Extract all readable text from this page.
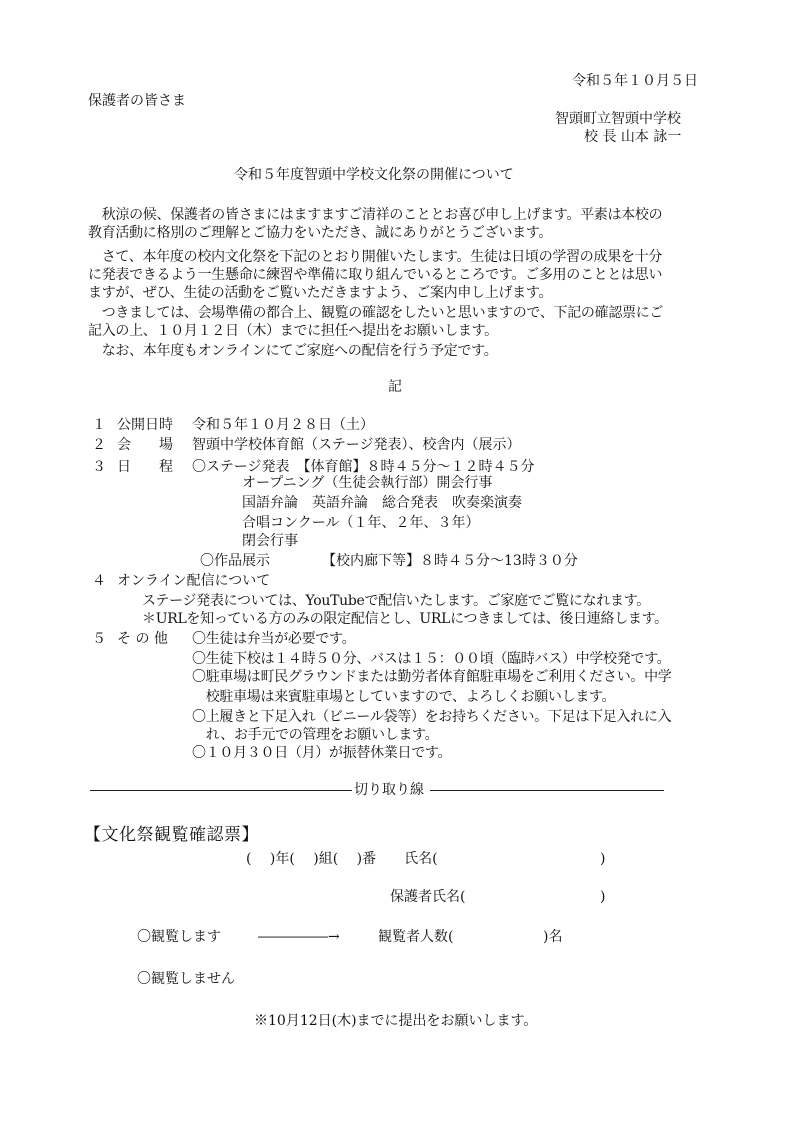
令和５年１０月５日
保護者の皆さま
智頭町立智頭中学校
校 長 山本 詠一
令和５年度智頭中学校文化祭の開催について
　秋涼の候、保護者の皆さまにはますますご清祥のこととお喜び申し上げます。平素は本校の
教育活動に格別のご理解とご協力をいただき、誠にありがとうございます。
　さて、本年度の校内文化祭を下記のとおり開催いたします。生徒は日頃の学習の成果を十分
に発表できるよう一生懸命に練習や準備に取り組んでいるところです。ご多用のこととは思い
ますが、ぜひ、生徒の活動をご覧いただきますよう、ご案内申し上げます。
　つきましては、会場準備の都合上、観覧の確認をしたいと思いますので、下記の確認票にご
記入の上、１０月１２日（木）までに担任へ提出をお願いします。
　なお、本年度もオンラインにてご家庭への配信を行う予定です。
記
１ 公開日時 令和５年１０月２８日（土）
２ 会　　場 智頭中学校体育館（ステージ発表）、校舎内（展示）
３ 日　　程 〇ステージ発表　【体育館】８時４５分～１２時４５分
オープニング（生徒会執行部）開会行事
国語弁論　英語弁論　総合発表　吹奏楽演奏
合唱コンクール（１年、２年、３年）
閉会行事
〇作品展示	【校内廊下等】８時４５分～13時３０分
４ オンライン配信について
ステージ発表については、YouTubeで配信いたします。ご家庭でご覧になれます。
＊URLを知っている方のみの限定配信とし、URLにつきましては、後日連絡します。
５ そ の 他 〇生徒は弁当が必要です。
〇生徒下校は１４時５０分、バスは１５：００頃（臨時バス）中学校発です。
〇駐車場は町民グラウンドまたは勤労者体育館駐車場をご利用ください。中学
　校駐車場は来賓駐車場としていますので、よろしくお願いします。
〇上履きと下足入れ（ビニール袋等）をお持ちください。下足は下足入れに入
　れ、お手元での管理をお願いします。
〇１０月３０日（月）が振替休業日です。
切り取り線
【文化祭観覧確認票】
(　 )年(　 )組(　 )番　　氏名(	)
保護者氏名(	)
〇観覧します	―――――→	観覧者人数(	)名
〇観覧しません
※10月12日(木)までに提出をお願いします。
